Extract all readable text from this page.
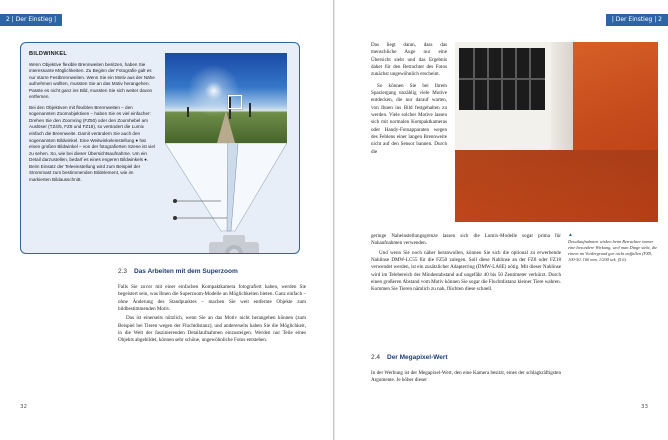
2 | Der Einstieg |
BILDWINKEL

Wenn Objektive flexible Brennweiten besitzen, haben Sie interessante Möglichkeiten. Zu Beginn der Fotografie galt es nur starre Festbrennweiten. Wenn Sie ein Motiv aus der Nähe aufnehmen wollten, mussten Sie an das Motiv herangehen. Passte es nicht ganz ins Bild, mussten Sie sich weiter davon entfernen.

Bei den Objektiven mit flexiblen Brennweiten – den sogenannten Zoomobjektiven – haben Sie es viel einfacher: Drehen Sie den Zoomring (FZ50) oder den Zoomhebel am Auslöser (TZ4/5, FZ8 und FZ18), so verändert die Lumix einfach die Brennweite. Damit verändern Sie auch den sogenannten Bildwinkel. Eine Weitwinkeleinstellung ● hat einen großen Bildwinkel – von der fotografierten Szene ist viel zu sehen. So, wie bei dieser Übersichtsaufnahme. Um ein Detail darzustellen, bedarf es eines engeren Bildwinkels ●. Beim Einsatz der Teleeinstellung wird zum Beispiel der Strommast zum bestimmenden Bildelement, wie im markierten Bildausschnitt.

2.3 Das Arbeiten mit dem Superzoom

Falls Sie zuvor mit einer einfachen Kompaktkamera fotografiert haben, werden Sie begeistert sein, was Ihnen die Superzoom-Modelle an Möglichkeiten bieten. Ganz einfach – ohne Änderung des Standpunktes – machen Sie weit entfernte Objekte zum bildbestimmenden Motiv.

Das ist einerseits nützlich, wenn Sie an das Motiv nicht herangehen können (zum Beispiel bei Tieren wegen der Fluchtdistanz), und andererseits haben Sie die Möglichkeit, in die Welt der faszinierenden Detailaufnahmen einzusteigen. Werden nur Teile eines Objekts abgebildet, können sehr schöne, ungewöhnliche Fotos entstehen.

32
| Der Einstieg | 2

Das liegt daran, dass das menschliche Auge nur eine Übersicht sieht und das Ergebnis daher für den Betrachter des Fotos zunächst ungewöhnlich erscheint.

So können Sie bei Ihrem Spaziergang unzählig viele Motive entdecken, die nur darauf warten, von Ihnen ins Bild festgehalten zu werden. Viele solcher Motive lassen sich mit normalen Kompaktkameras oder Handy-Fotoapparaten wegen des Fehlens einer langen Brennweite nicht auf den Sensor bannen. Durch die

▲
Detailaufnahmen wirken beim Betrachter immer eine besondere Wirkung, weil man Dinge sieht, die einem im Vordergrund gar nicht auffallen (FZ8, 100-50, 160 mm, 1/200 sek. f5.6).

geringe Naheinstellungsgrenze lassen sich die Lumix-Modelle sogar prima für Nahaufnahmen verwenden.

Und wenn Sie noch näher heranwollen, können Sie sich die optional zu erwerbende Nahlinse DMW-LC55 für die FZ50 zulegen. Soll diese Nahlinse an der FZ8 oder FZ18 verwendet werden, ist ein zusätzlicher Adapterring (DMW-LA8E) nötig. Mit dieser Nahlinse wird im Telebereich der Mindestabstand auf ungefähr 40 bis 50 Zentimeter verkürzt. Durch einen großeren Abstand vom Motiv können Sie sogar die Fluchtdistanz kleiner Tiere wahren. Kommen Sie Tieren nämlich zu nah, flüchten diese schnell.

2.4 Der Megapixel-Wert

In der Werbung ist der Megapixel-Wert, den eine Kamera besitzt, eines der schlagkräftigsten Argumente. Je höher dieser

33
